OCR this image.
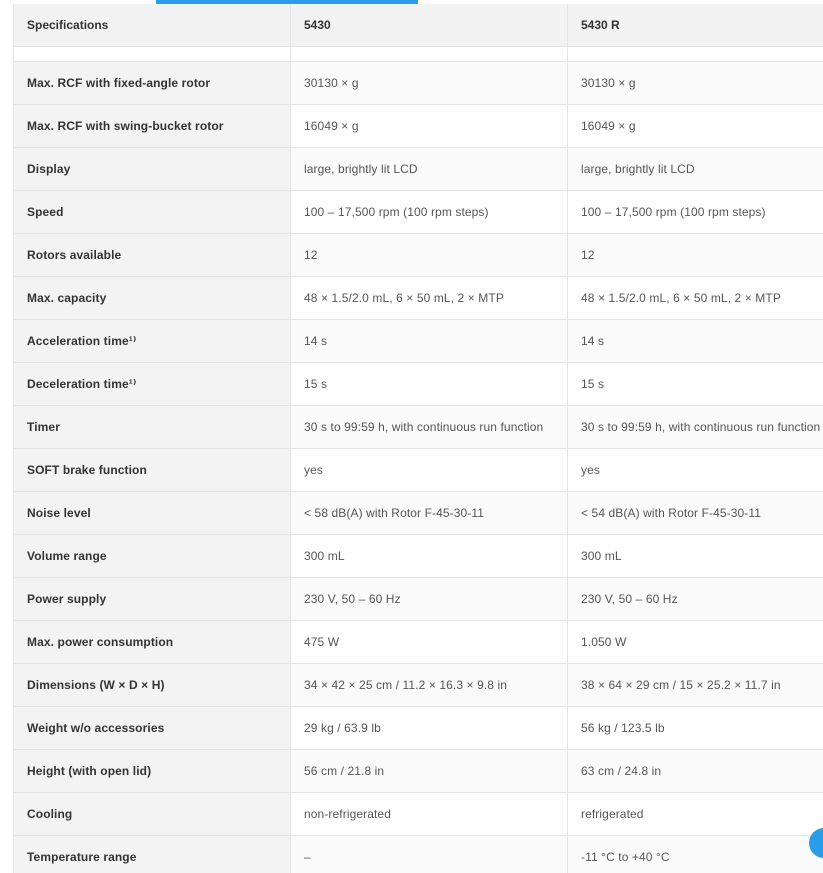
Specifications	5430	5430 R

Max. RCF with fixed-angle rotor	30130 × g	30130 × g
Max. RCF with swing-bucket rotor	16049 × g	16049 × g
Display	large, brightly lit LCD	large, brightly lit LCD
Speed	100 – 17,500 rpm (100 rpm steps)	100 – 17,500 rpm (100 rpm steps)
Rotors available	12	12
Max. capacity	48 × 1.5/2.0 mL, 6 × 50 mL, 2 × MTP	48 × 1.5/2.0 mL, 6 × 50 mL, 2 × MTP
Acceleration time¹⁾	14 s	14 s
Deceleration time¹⁾	15 s	15 s
Timer	30 s to 99:59 h, with continuous run function	30 s to 99:59 h, with continuous run function
SOFT brake function	yes	yes
Noise level	< 58 dB(A) with Rotor F-45-30-11	< 54 dB(A) with Rotor F-45-30-11
Volume range	300 mL	300 mL
Power supply	230 V, 50 – 60 Hz	230 V, 50 – 60 Hz
Max. power consumption	475 W	1.050 W
Dimensions (W × D × H)	34 × 42 × 25 cm / 11.2 × 16.3 × 9.8 in	38 × 64 × 29 cm / 15 × 25.2 × 11.7 in
Weight w/o accessories	29 kg / 63.9 lb	56 kg / 123.5 lb
Height (with open lid)	56 cm / 21.8 in	63 cm / 24.8 in
Cooling	non-refrigerated	refrigerated
Temperature range	–	-11 °C to +40 °C
